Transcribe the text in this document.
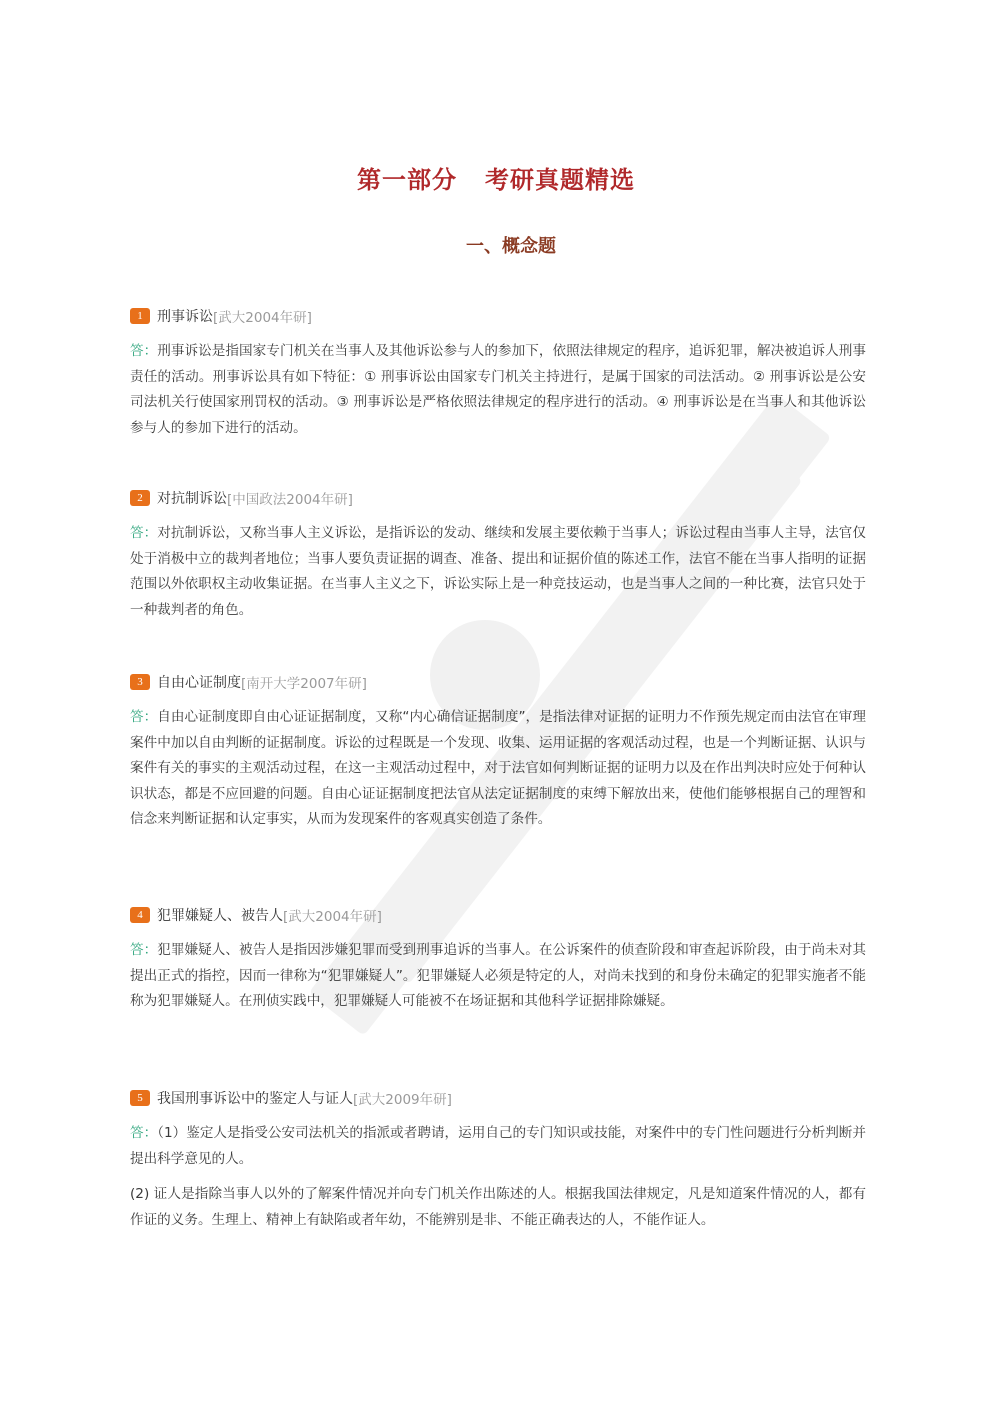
第一部分 考研真题精选
一、概念题
1	刑事诉讼 [武大2004年研]

答：刑事诉讼是指国家专门机关在当事人及其他诉讼参与人的参加下，依照法律规定的程序，追诉犯罪，解决被追诉人刑事责任的活动。刑事诉讼具有如下特征：① 刑事诉讼由国家专门机关主持进行，是属于国家的司法活动。② 刑事诉讼是公安司法机关行使国家刑罚权的活动。③ 刑事诉讼是严格依照法律规定的程序进行的活动。④ 刑事诉讼是在当事人和其他诉讼参与人的参加下进行的活动。

2	对抗制诉讼 [中国政法2004年研]

答：对抗制诉讼，又称当事人主义诉讼，是指诉讼的发动、继续和发展主要依赖于当事人；诉讼过程由当事人主导，法官仅处于消极中立的裁判者地位；当事人要负责证据的调查、准备、提出和证据价值的陈述工作，法官不能在当事人指明的证据范围以外依职权主动收集证据。在当事人主义之下，诉讼实际上是一种竞技运动，也是当事人之间的一种比赛，法官只处于一种裁判者的角色。

3	自由心证制度 [南开大学2007年研]

答：自由心证制度即自由心证证据制度，又称“内心确信证据制度”，是指法律对证据的证明力不作预先规定而由法官在审理案件中加以自由判断的证据制度。诉讼的过程既是一个发现、收集、运用证据的客观活动过程，也是一个判断证据、认识与案件有关的事实的主观活动过程，在这一主观活动过程中，对于法官如何判断证据的证明力以及在作出判决时应处于何种认识状态，都是不应回避的问题。自由心证证据制度把法官从法定证据制度的束缚下解放出来，使他们能够根据自己的理智和信念来判断证据和认定事实，从而为发现案件的客观真实创造了条件。

4	犯罪嫌疑人、被告人 [武大2004年研]

答：犯罪嫌疑人、被告人是指因涉嫌犯罪而受到刑事追诉的当事人。在公诉案件的侦查阶段和审查起诉阶段，由于尚未对其提出正式的指控，因而一律称为“犯罪嫌疑人”。犯罪嫌疑人必须是特定的人，对尚未找到的和身份未确定的犯罪实施者不能称为犯罪嫌疑人。在刑侦实践中，犯罪嫌疑人可能被不在场证据和其他科学证据排除嫌疑。

5	我国刑事诉讼中的鉴定人与证人 [武大2009年研]

答：（1）鉴定人是指受公安司法机关的指派或者聘请，运用自己的专门知识或技能，对案件中的专门性问题进行分析判断并提出科学意见的人。

(2) 证人是指除当事人以外的了解案件情况并向专门机关作出陈述的人。根据我国法律规定，凡是知道案件情况的人，都有作证的义务。生理上、精神上有缺陷或者年幼，不能辨别是非、不能正确表达的人，不能作证人。
